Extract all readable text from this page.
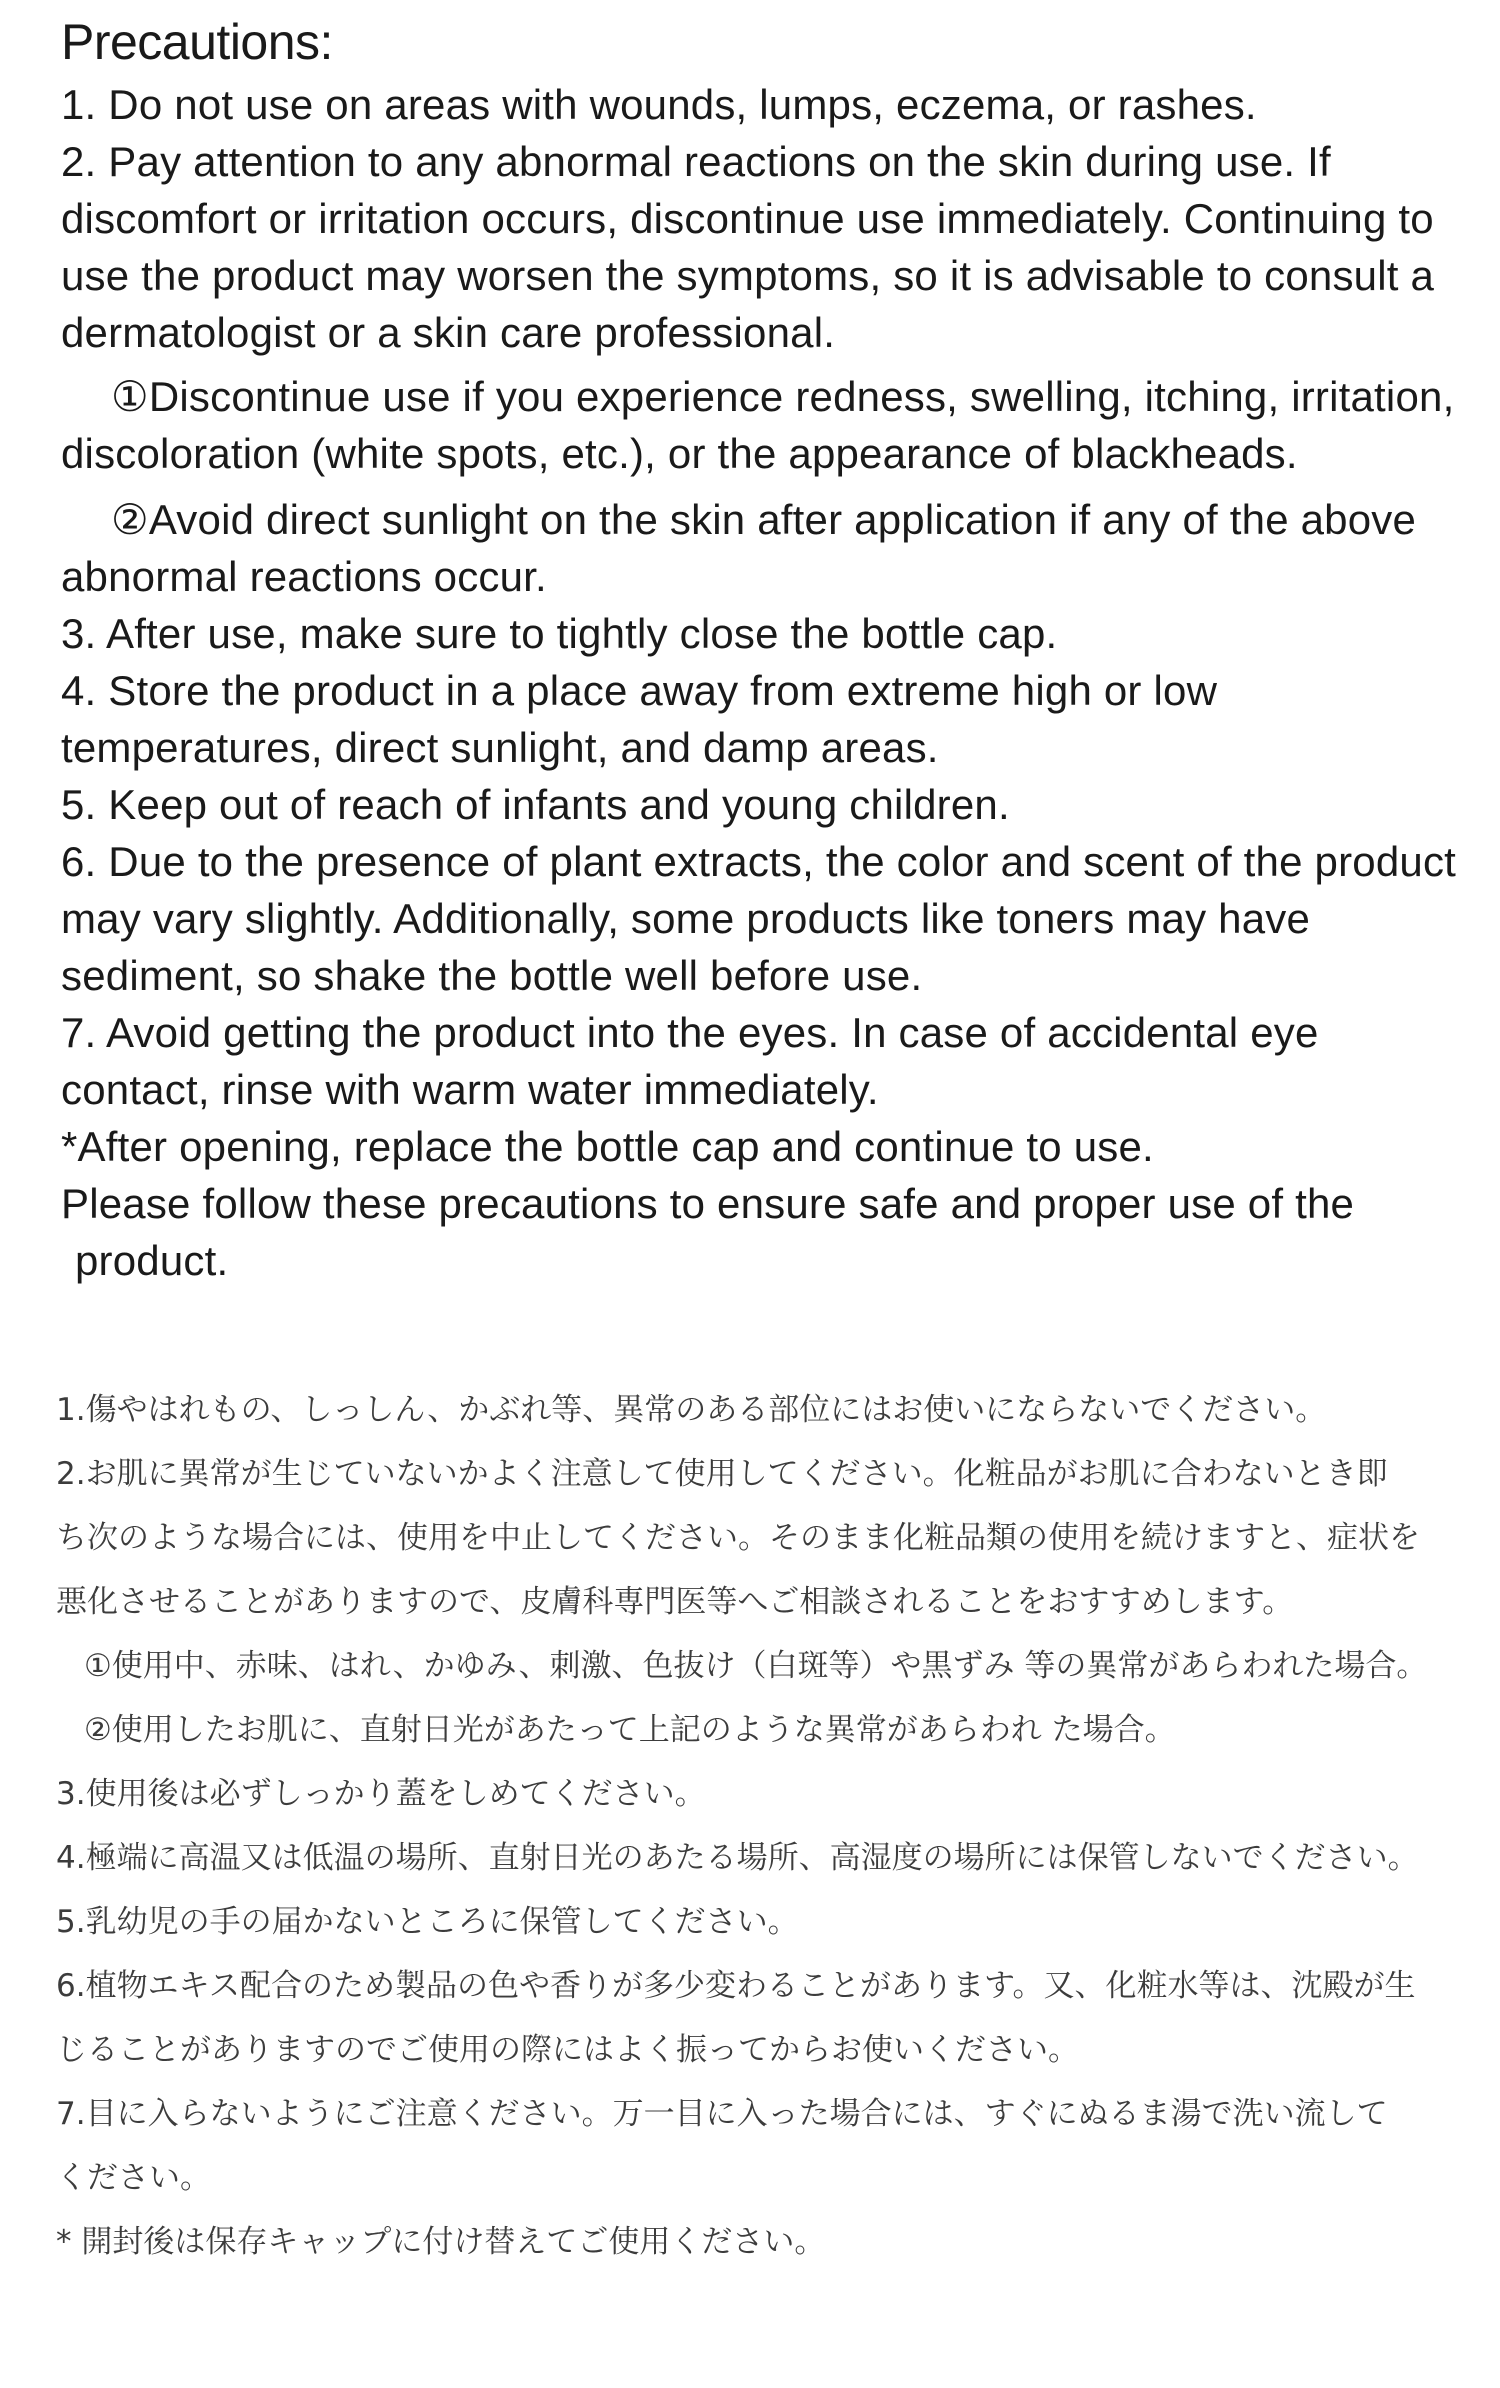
Precautions:

1. Do not use on areas with wounds, lumps, eczema, or rashes.

2. Pay attention to any abnormal reactions on the skin during use. If discomfort or irritation occurs, discontinue use immediately. Continuing to use the product may worsen the symptoms, so it is advisable to consult a dermatologist or a skin care professional.

①Discontinue use if you experience redness, swelling, itching, irritation, discoloration (white spots, etc.), or the appearance of blackheads.

②Avoid direct sunlight on the skin after application if any of the above abnormal reactions occur.

3. After use, make sure to tightly close the bottle cap.

4. Store the product in a place away from extreme high or low temperatures, direct sunlight, and damp areas.

5. Keep out of reach of infants and young children.

6. Due to the presence of plant extracts, the color and scent of the product may vary slightly. Additionally, some products like toners may have sediment, so shake the bottle well before use.

7. Avoid getting the product into the eyes. In case of accidental eye contact, rinse with warm water immediately.

*After opening, replace the bottle cap and continue to use.

Please follow these precautions to ensure safe and proper use of the

product.

1.傷やはれもの、しっしん、かぶれ等、異常のある部位にはお使いにならないでください。

2.お肌に異常が生じていないかよく注意して使用してください。化粧品がお肌に合わないとき即

ち次のような場合には、使用を中止してください。そのまま化粧品類の使用を続けますと、症状を

悪化させることがありますので、皮膚科専門医等へご相談されることをおすすめします。

①使用中、赤味、はれ、かゆみ、刺激、色抜け（白斑等）や黒ずみ 等の異常があらわれた場合。

②使用したお肌に、直射日光があたって上記のような異常があらわれ た場合。

3.使用後は必ずしっかり蓋をしめてください。

4.極端に高温又は低温の場所、直射日光のあたる場所、高湿度の場所には保管しないでください。

5.乳幼児の手の届かないところに保管してください。

6.植物エキス配合のため製品の色や香りが多少変わることがあります。又、化粧水等は、沈殿が生

じることがありますのでご使用の際にはよく振ってからお使いください。

7.目に入らないようにご注意ください。万一目に入った場合には、すぐにぬるま湯で洗い流して

ください。

* 開封後は保存キャップに付け替えてご使用ください。
